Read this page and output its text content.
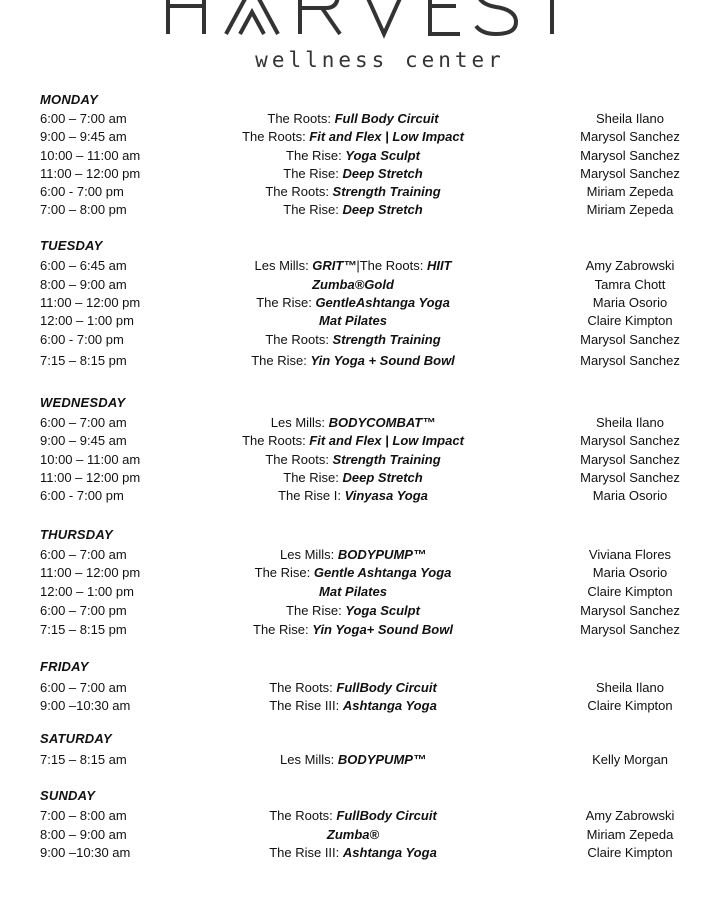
HARVEST
wellness center
MONDAY
6:00 – 7:00 am	The Roots: Full Body Circuit	Sheila Ilano
9:00 – 9:45 am	The Roots: Fit and Flex | Low Impact	Marysol Sanchez
10:00 – 11:00 am	The Rise: Yoga Sculpt	Marysol Sanchez
11:00 – 12:00 pm	The Rise: Deep Stretch	Marysol Sanchez
6:00 - 7:00 pm	The Roots: Strength Training	Miriam Zepeda
7:00 – 8:00 pm	The Rise: Deep Stretch	Miriam Zepeda
TUESDAY
6:00 – 6:45 am	Les Mills: GRIT™|The Roots: HIIT	Amy Zabrowski
8:00 – 9:00 am	Zumba®Gold	Tamra Chott
11:00 – 12:00 pm	The Rise: GentleAshtanga Yoga	Maria Osorio
12:00 – 1:00 pm	Mat Pilates	Claire Kimpton
6:00 - 7:00 pm	The Roots: Strength Training	Marysol Sanchez
7:15 – 8:15 pm	The Rise: Yin Yoga + Sound Bowl	Marysol Sanchez
WEDNESDAY
6:00 – 7:00 am	Les Mills: BODYCOMBAT™	Sheila Ilano
9:00 – 9:45 am	The Roots: Fit and Flex | Low Impact	Marysol Sanchez
10:00 – 11:00 am	The Roots: Strength Training	Marysol Sanchez
11:00 – 12:00 pm	The Rise: Deep Stretch	Marysol Sanchez
6:00 - 7:00 pm	The Rise I: Vinyasa Yoga	Maria Osorio
THURSDAY
6:00 – 7:00 am	Les Mills: BODYPUMP™	Viviana Flores
11:00 – 12:00 pm	The Rise: Gentle Ashtanga Yoga	Maria Osorio
12:00 – 1:00 pm	Mat Pilates	Claire Kimpton
6:00 – 7:00 pm	The Rise: Yoga Sculpt	Marysol Sanchez
7:15 – 8:15 pm	The Rise: Yin Yoga+ Sound Bowl	Marysol Sanchez
FRIDAY
6:00 – 7:00 am	The Roots: FullBody Circuit	Sheila Ilano
9:00 –10:30 am	The Rise III: Ashtanga Yoga	Claire Kimpton
SATURDAY
7:15 – 8:15 am	Les Mills: BODYPUMP™	Kelly Morgan
SUNDAY
7:00 – 8:00 am	The Roots: FullBody Circuit	Amy Zabrowski
8:00 – 9:00 am	Zumba®	Miriam Zepeda
9:00 –10:30 am	The Rise III: Ashtanga Yoga	Claire Kimpton
